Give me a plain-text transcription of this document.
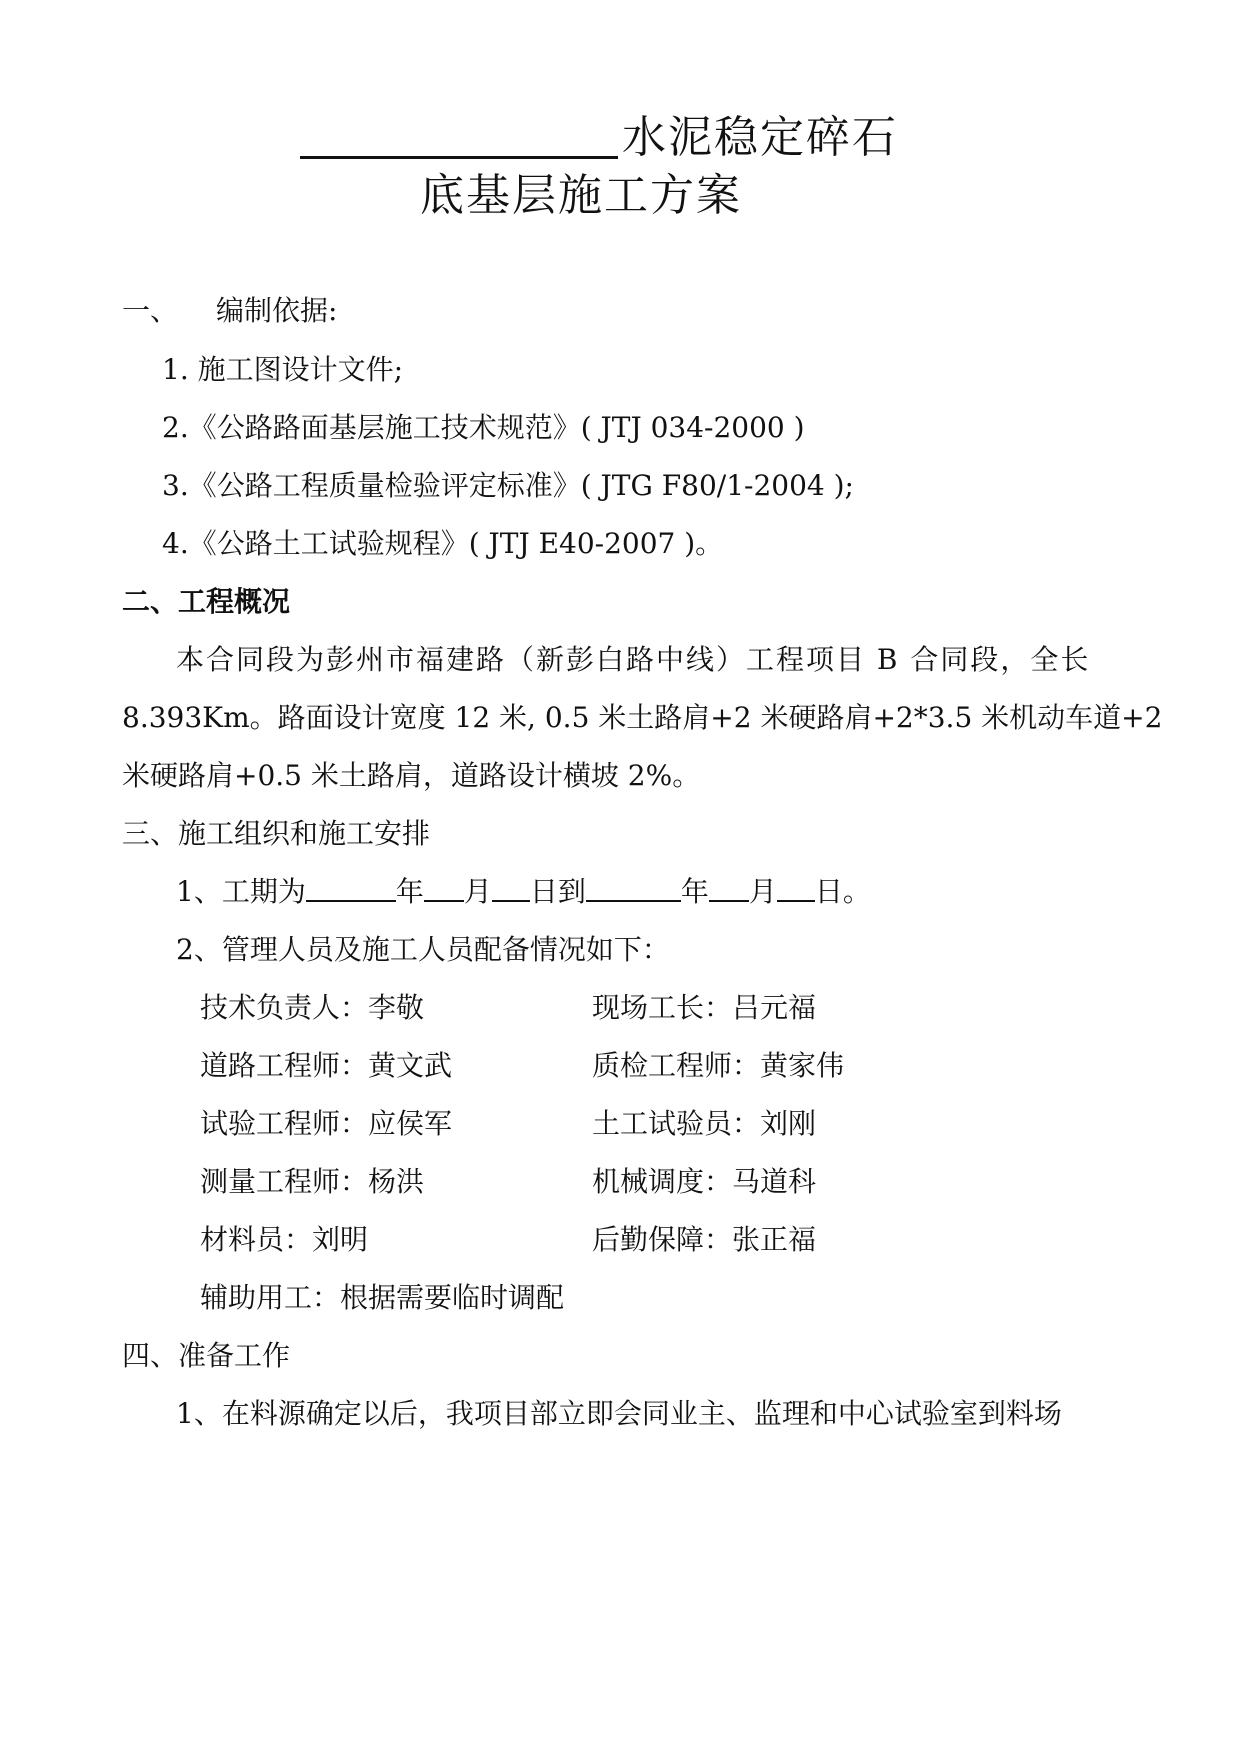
水泥稳定碎石
底基层施工方案
一、 编制依据:
1. 施工图设计文件;
2.《公路路面基层施工技术规范》( JTJ 034-2000 )
3.《公路工程质量检验评定标准》( JTG F80/1-2004 );
4.《公路土工试验规程》( JTJ E40-2007 )。
二、工程概况
本合同段为彭州市福建路（新彭白路中线）工程项目 B 合同段，全长
8.393Km。路面设计宽度 12 米, 0.5 米土路肩+2 米硬路肩+2*3.5 米机动车道+2
米硬路肩+0.5 米土路肩，道路设计横坡 2%。
三、施工组织和施工安排
1、工期为	年 月 日到	年 月 日。
2、管理人员及施工人员配备情况如下：
技术负责人：李敬	现场工长：吕元福
道路工程师：黄文武	质检工程师：黄家伟
试验工程师：应侯军	土工试验员：刘刚
测量工程师：杨洪	机械调度：马道科
材料员：刘明	后勤保障：张正福
辅助用工：根据需要临时调配
四、准备工作
1、在料源确定以后，我项目部立即会同业主、监理和中心试验室到料场
